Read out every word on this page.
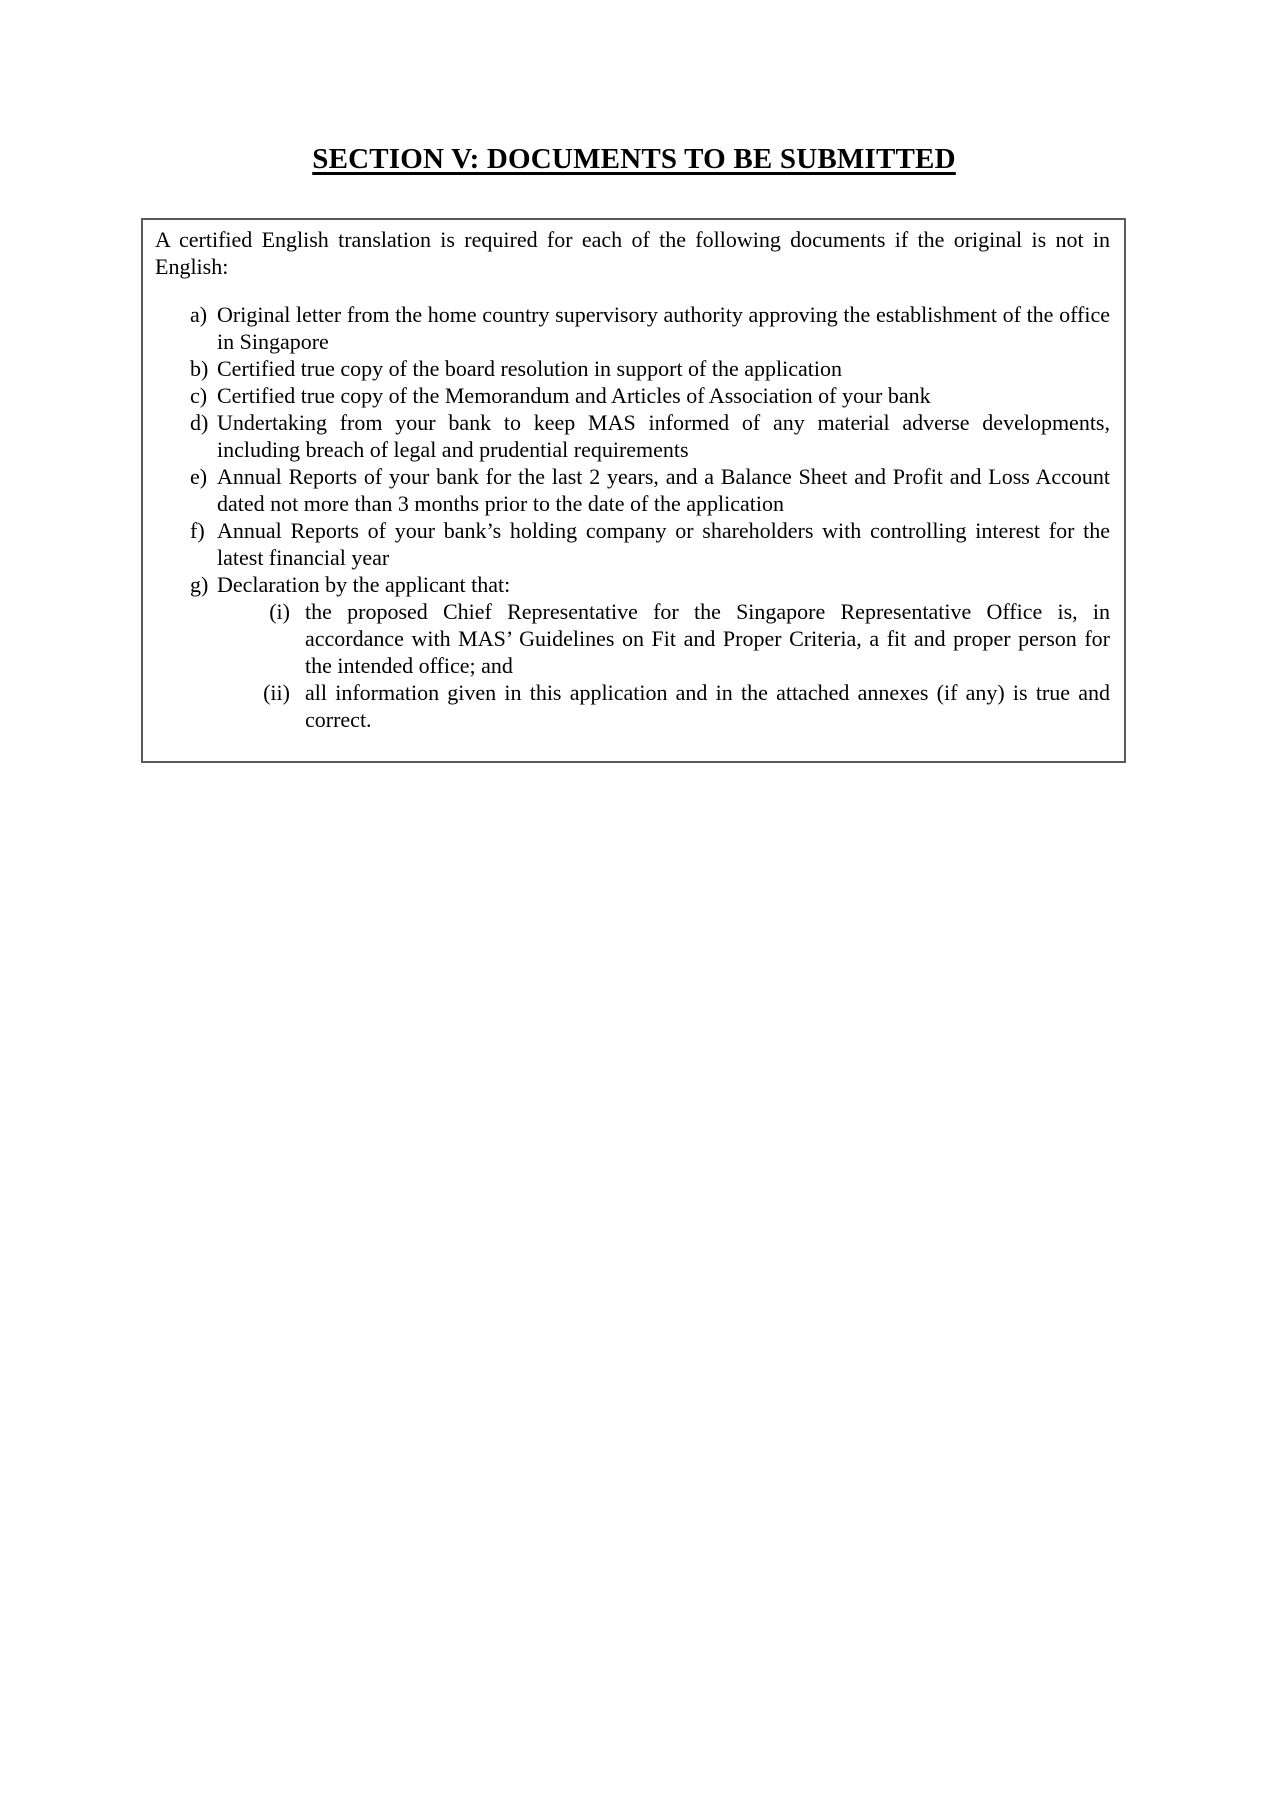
SECTION V: DOCUMENTS TO BE SUBMITTED

A certified English translation is required for each of the following documents if the original is not in English:

a) Original letter from the home country supervisory authority approving the establishment of the office in Singapore
b) Certified true copy of the board resolution in support of the application
c) Certified true copy of the Memorandum and Articles of Association of your bank
d) Undertaking from your bank to keep MAS informed of any material adverse developments, including breach of legal and prudential requirements
e) Annual Reports of your bank for the last 2 years, and a Balance Sheet and Profit and Loss Account dated not more than 3 months prior to the date of the application
f) Annual Reports of your bank’s holding company or shareholders with controlling interest for the latest financial year
g) Declaration by the applicant that:
(i) the proposed Chief Representative for the Singapore Representative Office is, in accordance with MAS’ Guidelines on Fit and Proper Criteria, a fit and proper person for the intended office; and
(ii) all information given in this application and in the attached annexes (if any) is true and correct.
